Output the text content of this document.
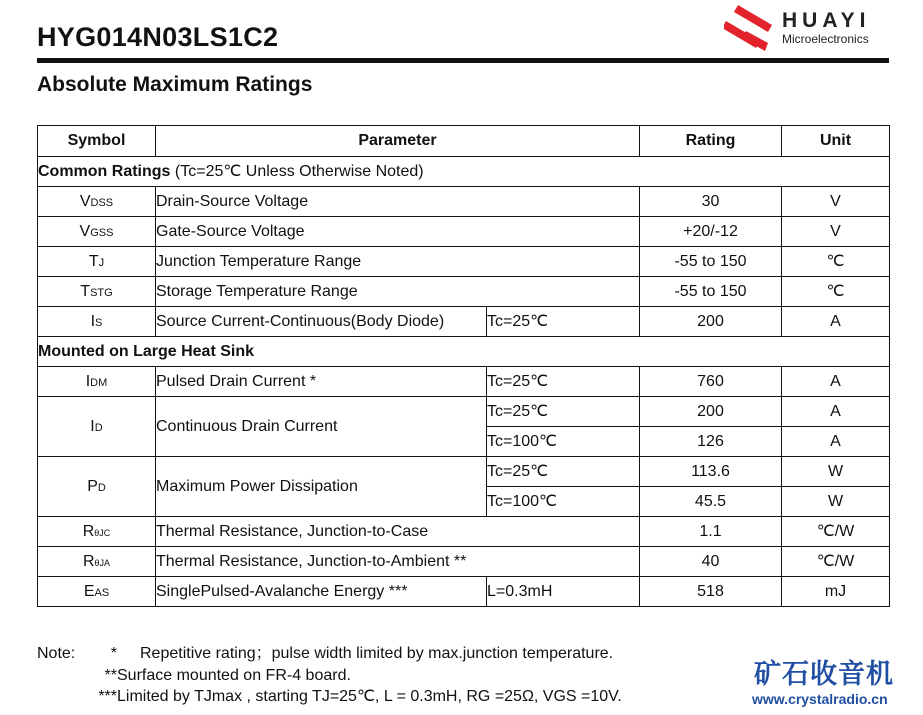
HYG014N03LS1C2
HUAYI
Microelectronics
Absolute Maximum Ratings
Symbol	Parameter		Rating	Unit
Common Ratings (Tc=25℃ Unless Otherwise Noted)				
VDSS	Drain-Source Voltage		30	V
VGSS	Gate-Source Voltage		+20/-12	V
TJ	Junction Temperature Range		-55 to 150	℃
TSTG	Storage Temperature Range		-55 to 150	℃
IS	Source Current-Continuous(Body Diode)	Tc=25℃	200	A
Mounted on Large Heat Sink				
IDM	Pulsed Drain Current *	Tc=25℃	760	A
ID	Continuous Drain Current	Tc=25℃	200	A
		Tc=100℃	126	A
PD	Maximum Power Dissipation	Tc=25℃	113.6	W
		Tc=100℃	45.5	W
RθJC	Thermal Resistance, Junction-to-Case		1.1	℃/W
RθJA	Thermal Resistance, Junction-to-Ambient **		40	℃/W
EAS	SinglePulsed-Avalanche Energy ***	L=0.3mH	518	mJ
Note:	*	Repetitive rating；pulse width limited by max.junction temperature.
** Surface mounted on FR-4 board.
*** Limited by TJmax , starting TJ=25℃, L = 0.3mH, RG =25Ω, VGS =10V.
矿石收音机
www.crystalradio.cn
